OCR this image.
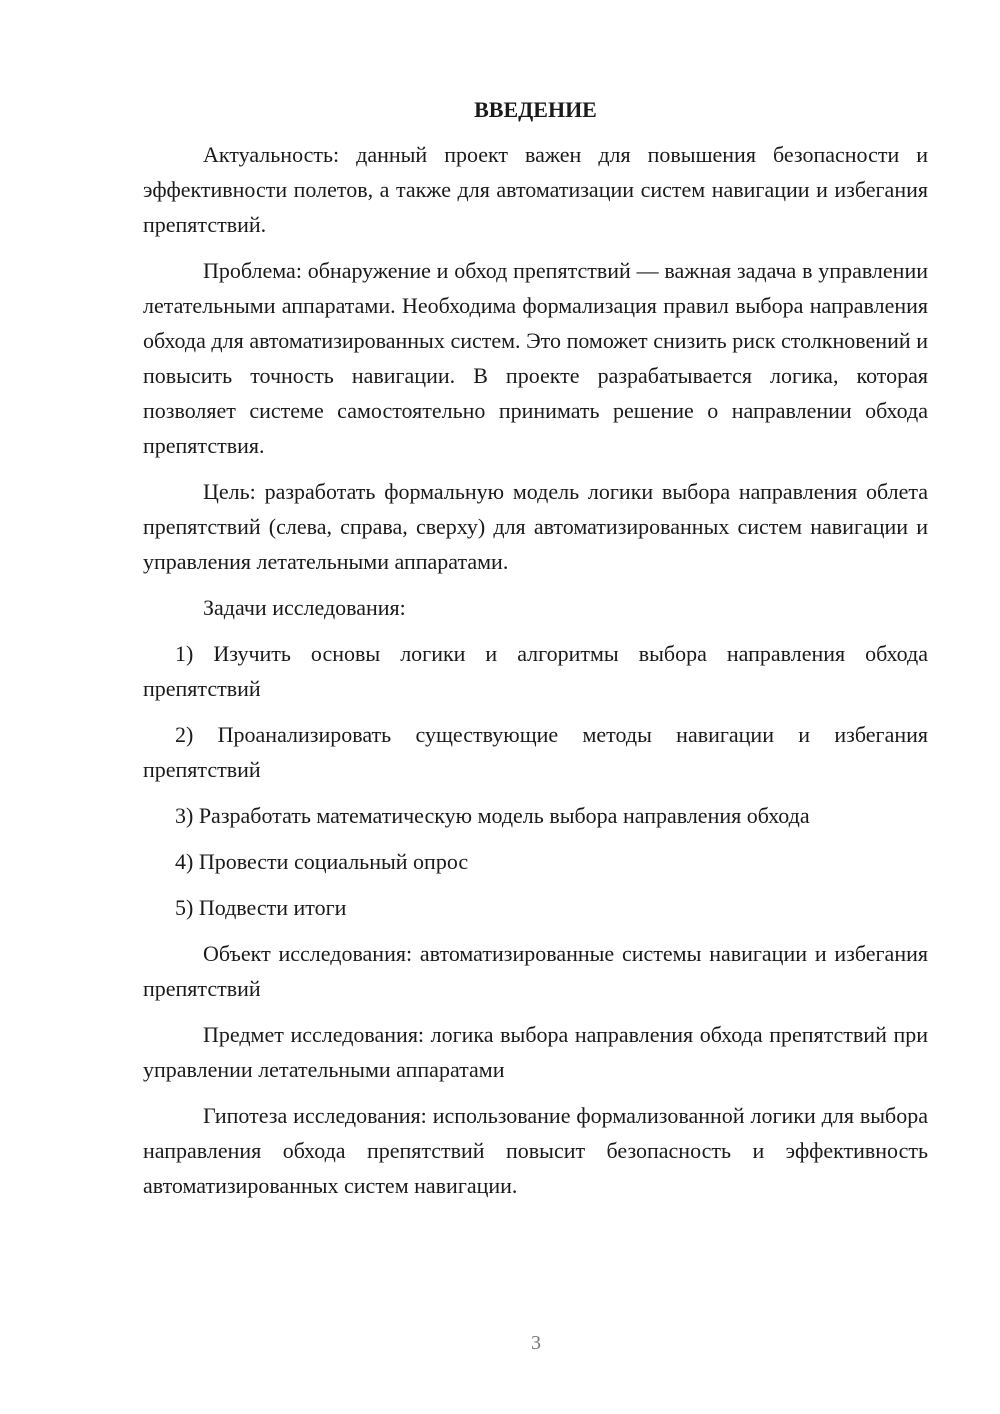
ВВЕДЕНИЕ

Актуальность: данный проект важен для повышения безопасности и эффективности полетов, а также для автоматизации систем навигации и избегания препятствий.

Проблема: обнаружение и обход препятствий — важная задача в управлении летательными аппаратами. Необходима формализация правил выбора направления обхода для автоматизированных систем. Это поможет снизить риск столкновений и повысить точность навигации. В проекте разрабатывается логика, которая позволяет системе самостоятельно принимать решение о направлении обхода препятствия.

Цель: разработать формальную модель логики выбора направления облета препятствий (слева, справа, сверху) для автоматизированных систем навигации и управления летательными аппаратами.

Задачи исследования:

1) Изучить основы логики и алгоритмы выбора направления обхода препятствий

2) Проанализировать существующие методы навигации и избегания препятствий

3) Разработать математическую модель выбора направления обхода

4) Провести социальный опрос

5) Подвести итоги

Объект исследования: автоматизированные системы навигации и избегания препятствий

Предмет исследования: логика выбора направления обхода препятствий при управлении летательными аппаратами

Гипотеза исследования: использование формализованной логики для выбора направления обхода препятствий повысит безопасность и эффективность автоматизированных систем навигации.

3
